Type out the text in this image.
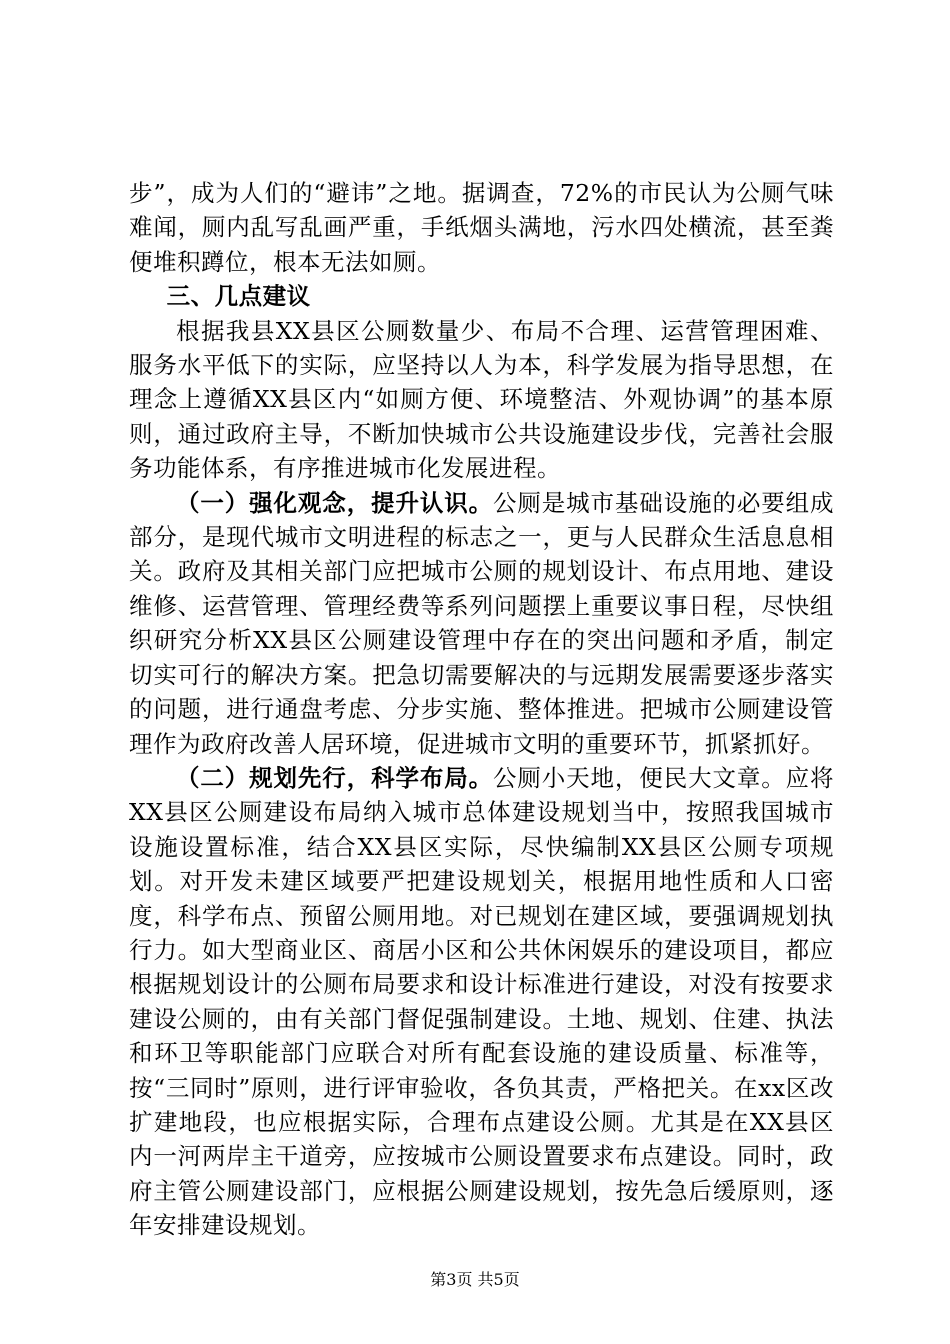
步”，成为人们的“避讳”之地。据调查，72%的市民认为公厕气味难闻，厕内乱写乱画严重，手纸烟头满地，污水四处横流，甚至粪便堆积蹲位，根本无法如厕。

三、几点建议

根据我县XX县区公厕数量少、布局不合理、运营管理困难、服务水平低下的实际，应坚持以人为本，科学发展为指导思想，在理念上遵循XX县区内“如厕方便、环境整洁、外观协调”的基本原则，通过政府主导，不断加快城市公共设施建设步伐，完善社会服务功能体系，有序推进城市化发展进程。

（一）强化观念，提升认识。公厕是城市基础设施的必要组成部分，是现代城市文明进程的标志之一，更与人民群众生活息息相关。政府及其相关部门应把城市公厕的规划设计、布点用地、建设维修、运营管理、管理经费等系列问题摆上重要议事日程，尽快组织研究分析XX县区公厕建设管理中存在的突出问题和矛盾，制定切实可行的解决方案。把急切需要解决的与远期发展需要逐步落实的问题，进行通盘考虑、分步实施、整体推进。把城市公厕建设管理作为政府改善人居环境，促进城市文明的重要环节，抓紧抓好。

（二）规划先行，科学布局。公厕小天地，便民大文章。应将XX县区公厕建设布局纳入城市总体建设规划当中，按照我国城市设施设置标准，结合XX县区实际，尽快编制XX县区公厕专项规划。对开发未建区域要严把建设规划关，根据用地性质和人口密度，科学布点、预留公厕用地。对已规划在建区域，要强调规划执行力。如大型商业区、商居小区和公共休闲娱乐的建设项目，都应根据规划设计的公厕布局要求和设计标准进行建设，对没有按要求建设公厕的，由有关部门督促强制建设。土地、规划、住建、执法和环卫等职能部门应联合对所有配套设施的建设质量、标准等，按“三同时”原则，进行评审验收，各负其责，严格把关。在xx区改扩建地段，也应根据实际，合理布点建设公厕。尤其是在XX县区内一河两岸主干道旁，应按城市公厕设置要求布点建设。同时，政府主管公厕建设部门，应根据公厕建设规划，按先急后缓原则，逐年安排建设规划。

第3页 共5页
